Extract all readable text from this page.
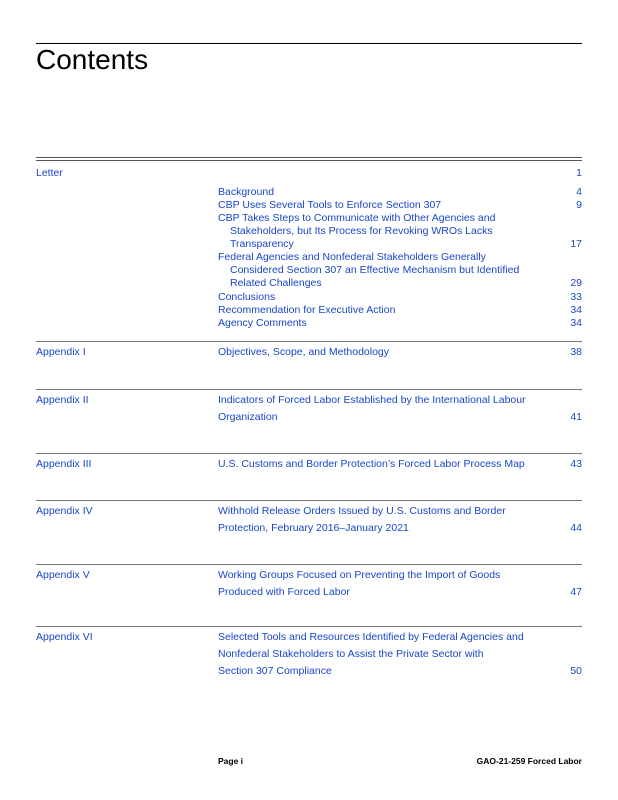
Contents
Letter	1
Background	4
CBP Uses Several Tools to Enforce Section 307	9
CBP Takes Steps to Communicate with Other Agencies and
Stakeholders, but Its Process for Revoking WROs Lacks
Transparency	17
Federal Agencies and Nonfederal Stakeholders Generally
Considered Section 307 an Effective Mechanism but Identified
Related Challenges	29
Conclusions	33
Recommendation for Executive Action	34
Agency Comments	34
Appendix I	Objectives, Scope, and Methodology	38
Appendix II	Indicators of Forced Labor Established by the International Labour
Organization	41
Appendix III	U.S. Customs and Border Protection’s Forced Labor Process Map	43
Appendix IV	Withhold Release Orders Issued by U.S. Customs and Border
Protection, February 2016–January 2021	44
Appendix V	Working Groups Focused on Preventing the Import of Goods
Produced with Forced Labor	47
Appendix VI	Selected Tools and Resources Identified by Federal Agencies and
Nonfederal Stakeholders to Assist the Private Sector with
Section 307 Compliance	50
Page i	GAO-21-259 Forced Labor
